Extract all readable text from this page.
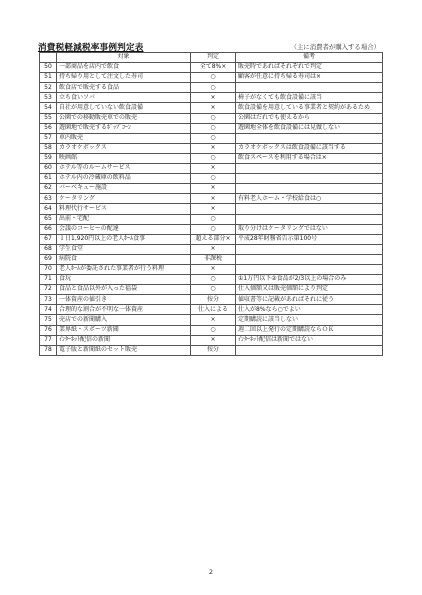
消費税軽減税率事例判定表	（主に消費者が購入する場合）
	対象	判定	備考
50	一部商品を店内で飲食	全て8%×	販売時であればそれぞれで判定
51	持ち帰り用として注文した寿司	○	顧客が任意に持ち帰る寿司は×
52	飲食店で販売する食品	○	
53	立ち食いソバ	×	椅子がなくても飲食設備に該当
54	自社が用意していない飲食設備	×	飲食設備を用意している事業者と契約があるため
55	公園での移動販売車での販売	○	公園はだれでも使えるから
56	遊園地で販売するﾎﾟｯﾌﾟｺｰﾝ	○	遊園地全体を飲食設備には見做しない
57	車内販売	○	
58	カラオケボックス	×	カラオケボックスは飲食設備に該当する
59	映画館	○	飲食スペースを利用する場合は×
60	ホテル等のルームサービス	×	
61	ホテル内の冷蔵庫の飲料品	○	
62	バーベキュー施設	×	
63	ケータリング	×	有料老人ホーム・学校給食は○
64	料理代行サービス	×	
65	出前・宅配	○	
66	会議のコーヒーの配達	○	取り分けはケータリングではない
67	１日1,920円以上の老人ﾎｰﾑ食事	超える部分×	平成28年財務省告示第100号
68	学生食堂	×	
69	病院食	非課税	
70	老人ﾎｰﾑが委託された事業者が行う料理	×	
71	食玩	○	①1万円以下②食品が2/3以上の場合のみ
72	食品と食品以外が入った福袋	○	仕入価額又は販売価額により判定
73	一体資産の値引き	按分	値収書等に記載があればそれに従う
74	合理的な割合が不明な一体資産	仕入による	仕入が8%なら○でよい
75	売店での新聞購入	×	定期購読に該当しない
76	業界紙・スポーツ新聞	○	週二回以上発行の定期購読ならＯＫ
77	ｲﾝﾀｰﾈｯﾄ配信の新聞	×	ｲﾝﾀｰﾈｯﾄ配信は新聞ではない
78	電子版と新聞紙のセット販売	按分	
2
